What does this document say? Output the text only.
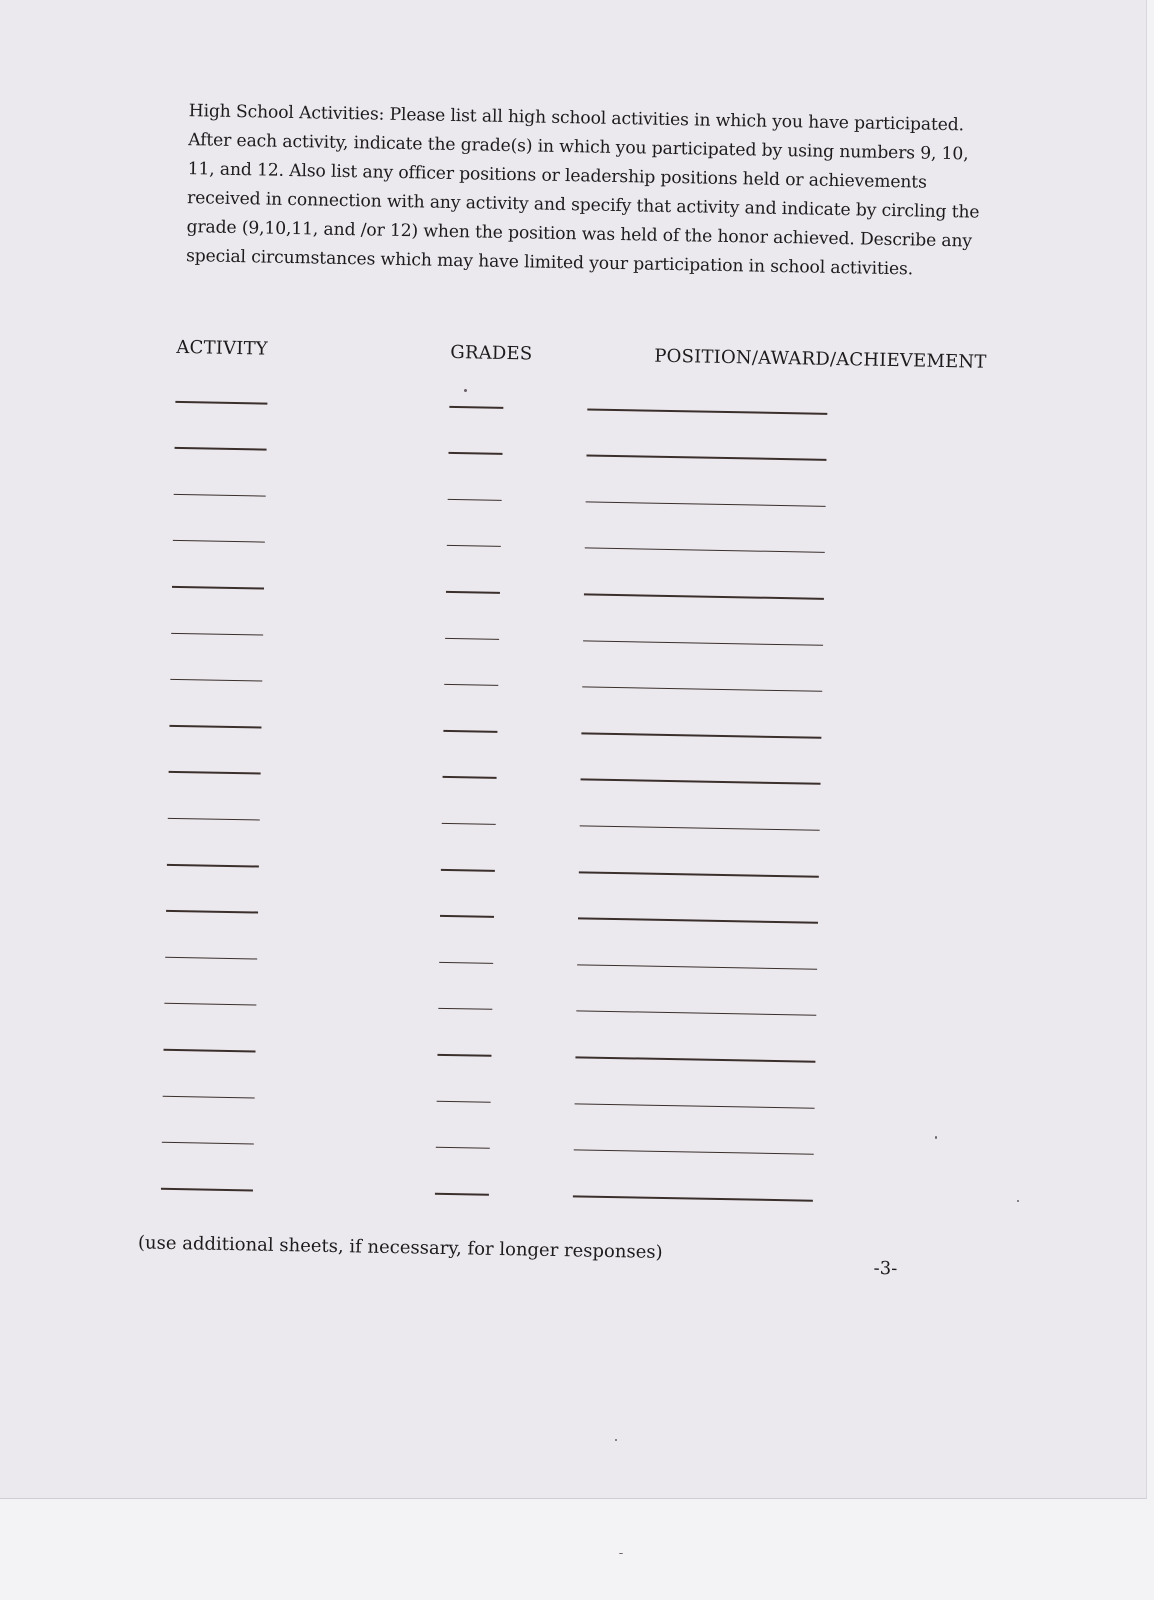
High School Activities: Please list all high school activities in which you have participated.
After each activity, indicate the grade(s) in which you participated by using numbers 9, 10,
11, and 12. Also list any officer positions or leadership positions held or achievements
received in connection with any activity and specify that activity and indicate by circling the
grade (9,10,11, and /or 12) when the position was held of the honor achieved. Describe any
special circumstances which may have limited your participation in school activities.
ACTIVITY	GRADES	POSITION/AWARD/ACHIEVEMENT
(use additional sheets, if necessary, for longer responses)
-3-
